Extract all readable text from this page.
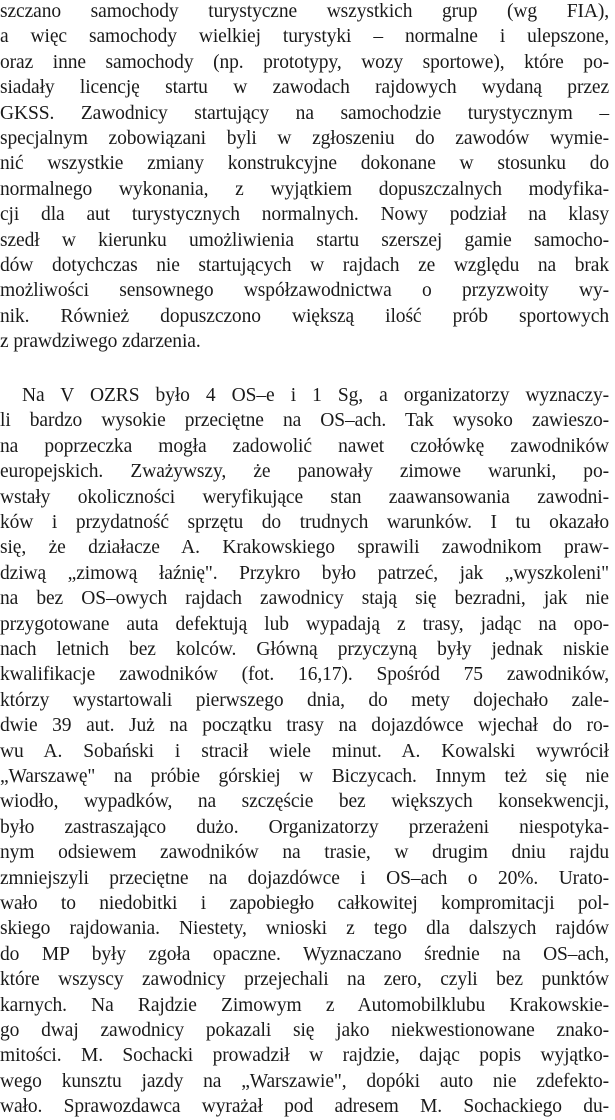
szczano samochody turystyczne wszystkich grup (wg FIA),
a więc samochody wielkiej turystyki – normalne i ulepszone,
oraz inne samochody (np. prototypy, wozy sportowe), które po-
siadały licencję startu w zawodach rajdowych wydaną przez
GKSS. Zawodnicy startujący na samochodzie turystycznym –
specjalnym zobowiązani byli w zgłoszeniu do zawodów wymie-
nić wszystkie zmiany konstrukcyjne dokonane w stosunku do
normalnego wykonania, z wyjątkiem dopuszczalnych modyfika-
cji dla aut turystycznych normalnych. Nowy podział na klasy
szedł w kierunku umożliwienia startu szerszej gamie samocho-
dów dotychczas nie startujących w rajdach ze względu na brak
możliwości sensownego współzawodnictwa o przyzwoity wy-
nik. Również dopuszczono większą ilość prób sportowych
z prawdziwego zdarzenia.
Na V OZRS było 4 OS–e i 1 Sg, a organizatorzy wyznaczy-
li bardzo wysokie przeciętne na OS–ach. Tak wysoko zawieszo-
na poprzeczka mogła zadowolić nawet czołówkę zawodników
europejskich. Zważywszy, że panowały zimowe warunki, po-
wstały okoliczności weryfikujące stan zaawansowania zawodni-
ków i przydatność sprzętu do trudnych warunków. I tu okazało
się, że działacze A. Krakowskiego sprawili zawodnikom praw-
dziwą „zimową łaźnię". Przykro było patrzeć, jak „wyszkoleni"
na bez OS–owych rajdach zawodnicy stają się bezradni, jak nie
przygotowane auta defektują lub wypadają z trasy, jadąc na opo-
nach letnich bez kolców. Główną przyczyną były jednak niskie
kwalifikacje zawodników (fot. 16,17). Spośród 75 zawodników,
którzy wystartowali pierwszego dnia, do mety dojechało zale-
dwie 39 aut. Już na początku trasy na dojazdówce wjechał do ro-
wu A. Sobański i stracił wiele minut. A. Kowalski wywrócił
„Warszawę" na próbie górskiej w Biczycach. Innym też się nie
wiodło, wypadków, na szczęście bez większych konsekwencji,
było zastraszająco dużo. Organizatorzy przerażeni niespotyka-
nym odsiewem zawodników na trasie, w drugim dniu rajdu
zmniejszyli przeciętne na dojazdówce i OS–ach o 20%. Urato-
wało to niedobitki i zapobiegło całkowitej kompromitacji pol-
skiego rajdowania. Niestety, wnioski z tego dla dalszych rajdów
do MP były zgoła opaczne. Wyznaczano średnie na OS–ach,
które wszyscy zawodnicy przejechali na zero, czyli bez punktów
karnych. Na Rajdzie Zimowym z Automobilklubu Krakowskie-
go dwaj zawodnicy pokazali się jako niekwestionowane znako-
mitości. M. Sochacki prowadził w rajdzie, dając popis wyjątko-
wego kunsztu jazdy na „Warszawie", dopóki auto nie zdefekto-
wało. Sprawozdawca wyrażał pod adresem M. Sochackiego du-
